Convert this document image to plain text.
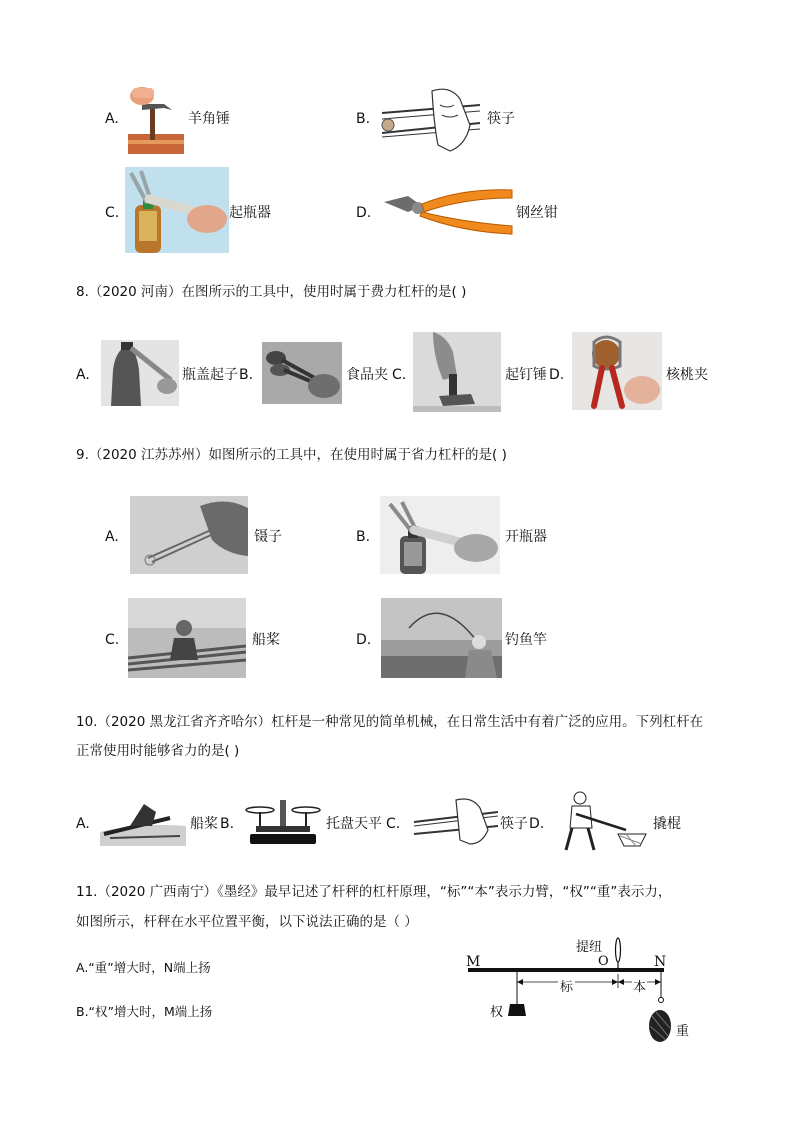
A.	羊角锤	B.	筷子
C.	起瓶器	D.	钢丝钳
8.（2020 河南）在图所示的工具中，使用时属于费力杠杆的是( )
A.	瓶盖起子 B.	食品夹 C.	起钉锤 D.	核桃夹
9.（2020 江苏苏州）如图所示的工具中，在使用时属于省力杠杆的是( )
A.	镊子	B.	开瓶器
C.	船桨	D.	钓鱼竿
10.（2020 黑龙江省齐齐哈尔）杠杆是一种常见的简单机械，在日常生活中有着广泛的应用。下列杠杆在
正常使用时能够省力的是( )
A.	船桨 B.	托盘天平 C.	筷子 D.	撬棍
11.（2020 广西南宁）《墨经》最早记述了杆秤的杠杆原理，“标”“本”表示力臂，“权”“重”表示力，
如图所示，杆秤在水平位置平衡，以下说法正确的是（ ）
A.“重”增大时，N端上扬
B.“权”增大时，M端上扬
M	N
O
提纽
标	本
权
重
